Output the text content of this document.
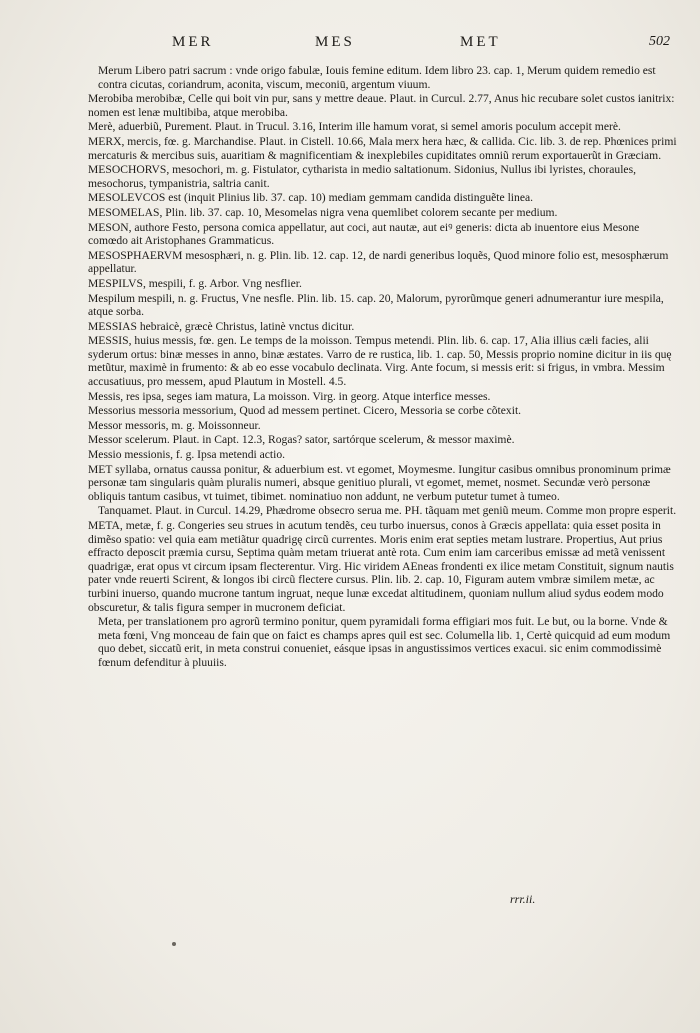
MER	MES	MET	502

Merum Libero patri sacrum : vnde origo fabulæ, Iouis femine editum. Idem libro 23. cap. 1, Merum quidem remedio est contra cicutas, coriandrum, aconita, viscum, meconiū, argentum viuum.

Merobiba merobibæ, Celle qui boit vin pur, sans y mettre deaue. Plaut. in Curcul. 2.77, Anus hic recubare solet custos ianitrix: nomen est lenæ multibiba, atque merobiba.

Merè, aduerbiũ, Purement. Plaut. in Trucul. 3.16, Interim ille hamum vorat, si semel amoris poculum accepit merè.

MERX, mercis, fœ. g. Marchandise. Plaut. in Cistell. 10.66, Mala merx hera hæc, & callida. Cic. lib. 3. de rep. Phœnices primi mercaturis & mercibus suis, auaritiam & magnificentiam & inexplebiles cupiditates omniũ rerum exportauerũt in Græciam.

MESOCHORVS, mesochori, m. g. Fistulator, cytharista in medio saltationum. Sidonius, Nullus ibi lyristes, choraules, mesochorus, tympanistria, saltria canit.

MESOLEVCOS est (inquit Plinius lib. 37. cap. 10) mediam gemmam candida distinguẽte linea.

MESOMELAS, Plin. lib. 37. cap. 10, Mesomelas nigra vena quemlibet colorem secante per medium.

MESON, authore Festo, persona comica appellatur, aut coci, aut nautæ, aut eiꝰ generis: dicta ab inuentore eius Mesone comœdo ait Aristophanes Grammaticus.

MESOSPHAERVM mesosphæri, n. g. Plin. lib. 12. cap. 12, de nardi generibus loquẽs, Quod minore folio est, mesosphærum appellatur.

MESPILVS, mespili, f. g. Arbor. Vng nesflier.

Mespilum mespili, n. g. Fructus, Vne nesfle. Plin. lib. 15. cap. 20, Malorum, pyrorũmque generi adnumerantur iure mespila, atque sorba.

MESSIAS hebraicè, græcè Christus, latinè vnctus dicitur.

MESSIS, huius messis, fœ. gen. Le temps de la moisson. Tempus metendi. Plin. lib. 6. cap. 17, Alia illius cæli facies, alii syderum ortus: binæ messes in anno, binæ æstates. Varro de re rustica, lib. 1. cap. 50, Messis proprio nomine dicitur in iis quę metũtur, maximè in frumento: & ab eo esse vocabulo declinata. Virg. Ante focum, si messis erit: si frigus, in vmbra. Messim accusatiuus, pro messem, apud Plautum in Mostell. 4.5.

Messis, res ipsa, seges iam matura, La moisson. Virg. in georg. Atque interfice messes.

Messorius messoria messorium, Quod ad messem pertinet. Cicero, Messoria se corbe cõtexit.

Messor messoris, m. g. Moissonneur.

Messor scelerum. Plaut. in Capt. 12.3, Rogas? sator, sartórque scelerum, & messor maximè.

Messio messionis, f. g. Ipsa metendi actio.

MET syllaba, ornatus caussa ponitur, & aduerbium est. vt egomet, Moymesme. Iungitur casibus omnibus pronominum primæ personæ tam singularis quàm pluralis numeri, absque genitiuo plurali, vt egomet, memet, nosmet. Secundæ verò personæ obliquis tantum casibus, vt tuimet, tibimet. nominatiuo non addunt, ne verbum putetur tumet à tumeo.

Tanquamet. Plaut. in Curcul. 14.29, Phædrome obsecro serua me. PH. tãquam met geniũ meum. Comme mon propre esperit.

META, metæ, f. g. Congeries seu strues in acutum tendẽs, ceu turbo inuersus, conos à Græcis appellata: quia esset posita in dimẽso spatio: vel quia eam metiãtur quadrigę circũ currentes. Moris enim erat septies metam lustrare. Propertius, Aut prius effracto deposcit præmia cursu, Septima quàm metam triuerat antè rota. Cum enim iam carceribus emissæ ad metã venissent quadrigæ, erat opus vt circum ipsam flecterentur. Virg. Hic viridem AEneas frondenti ex ilice metam Constituit, signum nautis pater vnde reuerti Scirent, & longos ibi circũ flectere cursus. Plin. lib. 2. cap. 10, Figuram autem vmbræ similem metæ, ac turbini inuerso, quando mucrone tantum ingruat, neque lunæ excedat altitudinem, quoniam nullum aliud sydus eodem modo obscuretur, & talis figura semper in mucronem deficiat.

Meta, per translationem pro agrorũ termino ponitur, quem pyramidali forma effigiari mos fuit. Le but, ou la borne. Vnde & meta fœni, Vng monceau de fain que on faict es champs apres quil est sec. Columella lib. 1, Certè quicquid ad eum modum quo debet, siccatũ erit, in meta construi conueniet, eásque ipsas in angustissimos vertices exacui. sic enim commodissimè fœnum defenditur à pluuiis.

rrr.ii.
